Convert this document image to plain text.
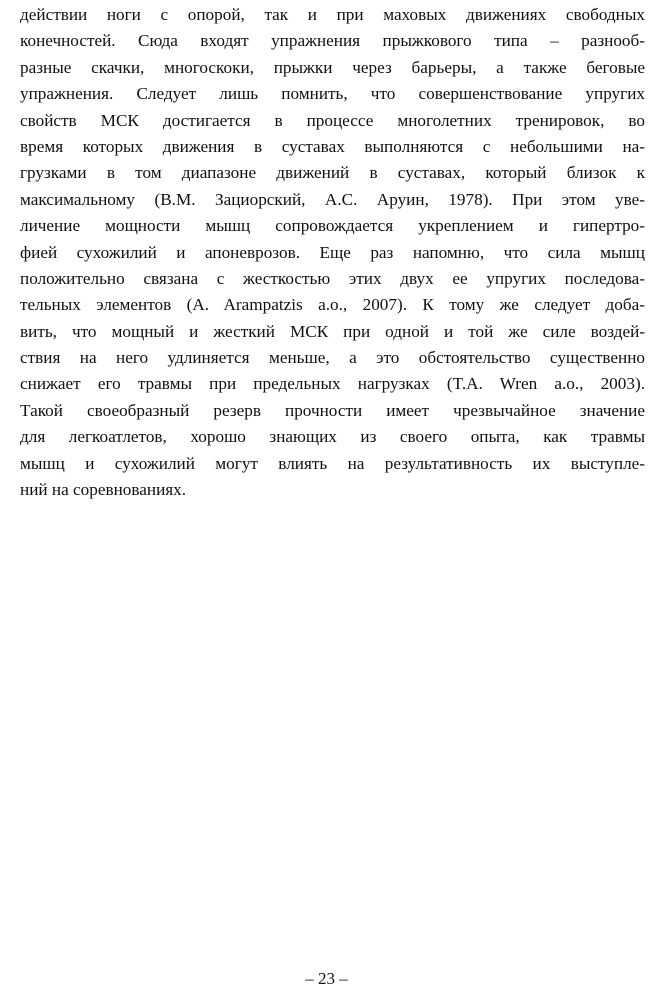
действии ноги с опорой, так и при маховых движениях свободных
конечностей. Сюда входят упражнения прыжкового типа – разнооб-
разные скачки, многоскоки, прыжки через барьеры, а также беговые
упражнения. Следует лишь помнить, что совершенствование упругих
свойств МСК достигается в процессе многолетних тренировок, во
время которых движения в суставах выполняются с небольшими на-
грузками в том диапазоне движений в суставах, который близок к
максимальному (В.М. Зациорский, А.С. Аруин, 1978). При этом уве-
личение мощности мышц сопровождается укреплением и гипертро-
фией сухожилий и апоневрозов. Еще раз напомню, что сила мышц
положительно связана с жесткостью этих двух ее упругих последова-
тельных элементов (A. Arampatzis a.o., 2007). К тому же следует доба-
вить, что мощный и жесткий МСК при одной и той же силе воздей-
ствия на него удлиняется меньше, а это обстоятельство существенно
снижает его травмы при предельных нагрузках (T.A. Wren a.o., 2003).
Такой своеобразный резерв прочности имеет чрезвычайное значение
для легкоатлетов, хорошо знающих из своего опыта, как травмы
мышц и сухожилий могут влиять на результативность их выступле-
ний на соревнованиях.
– 23 –
